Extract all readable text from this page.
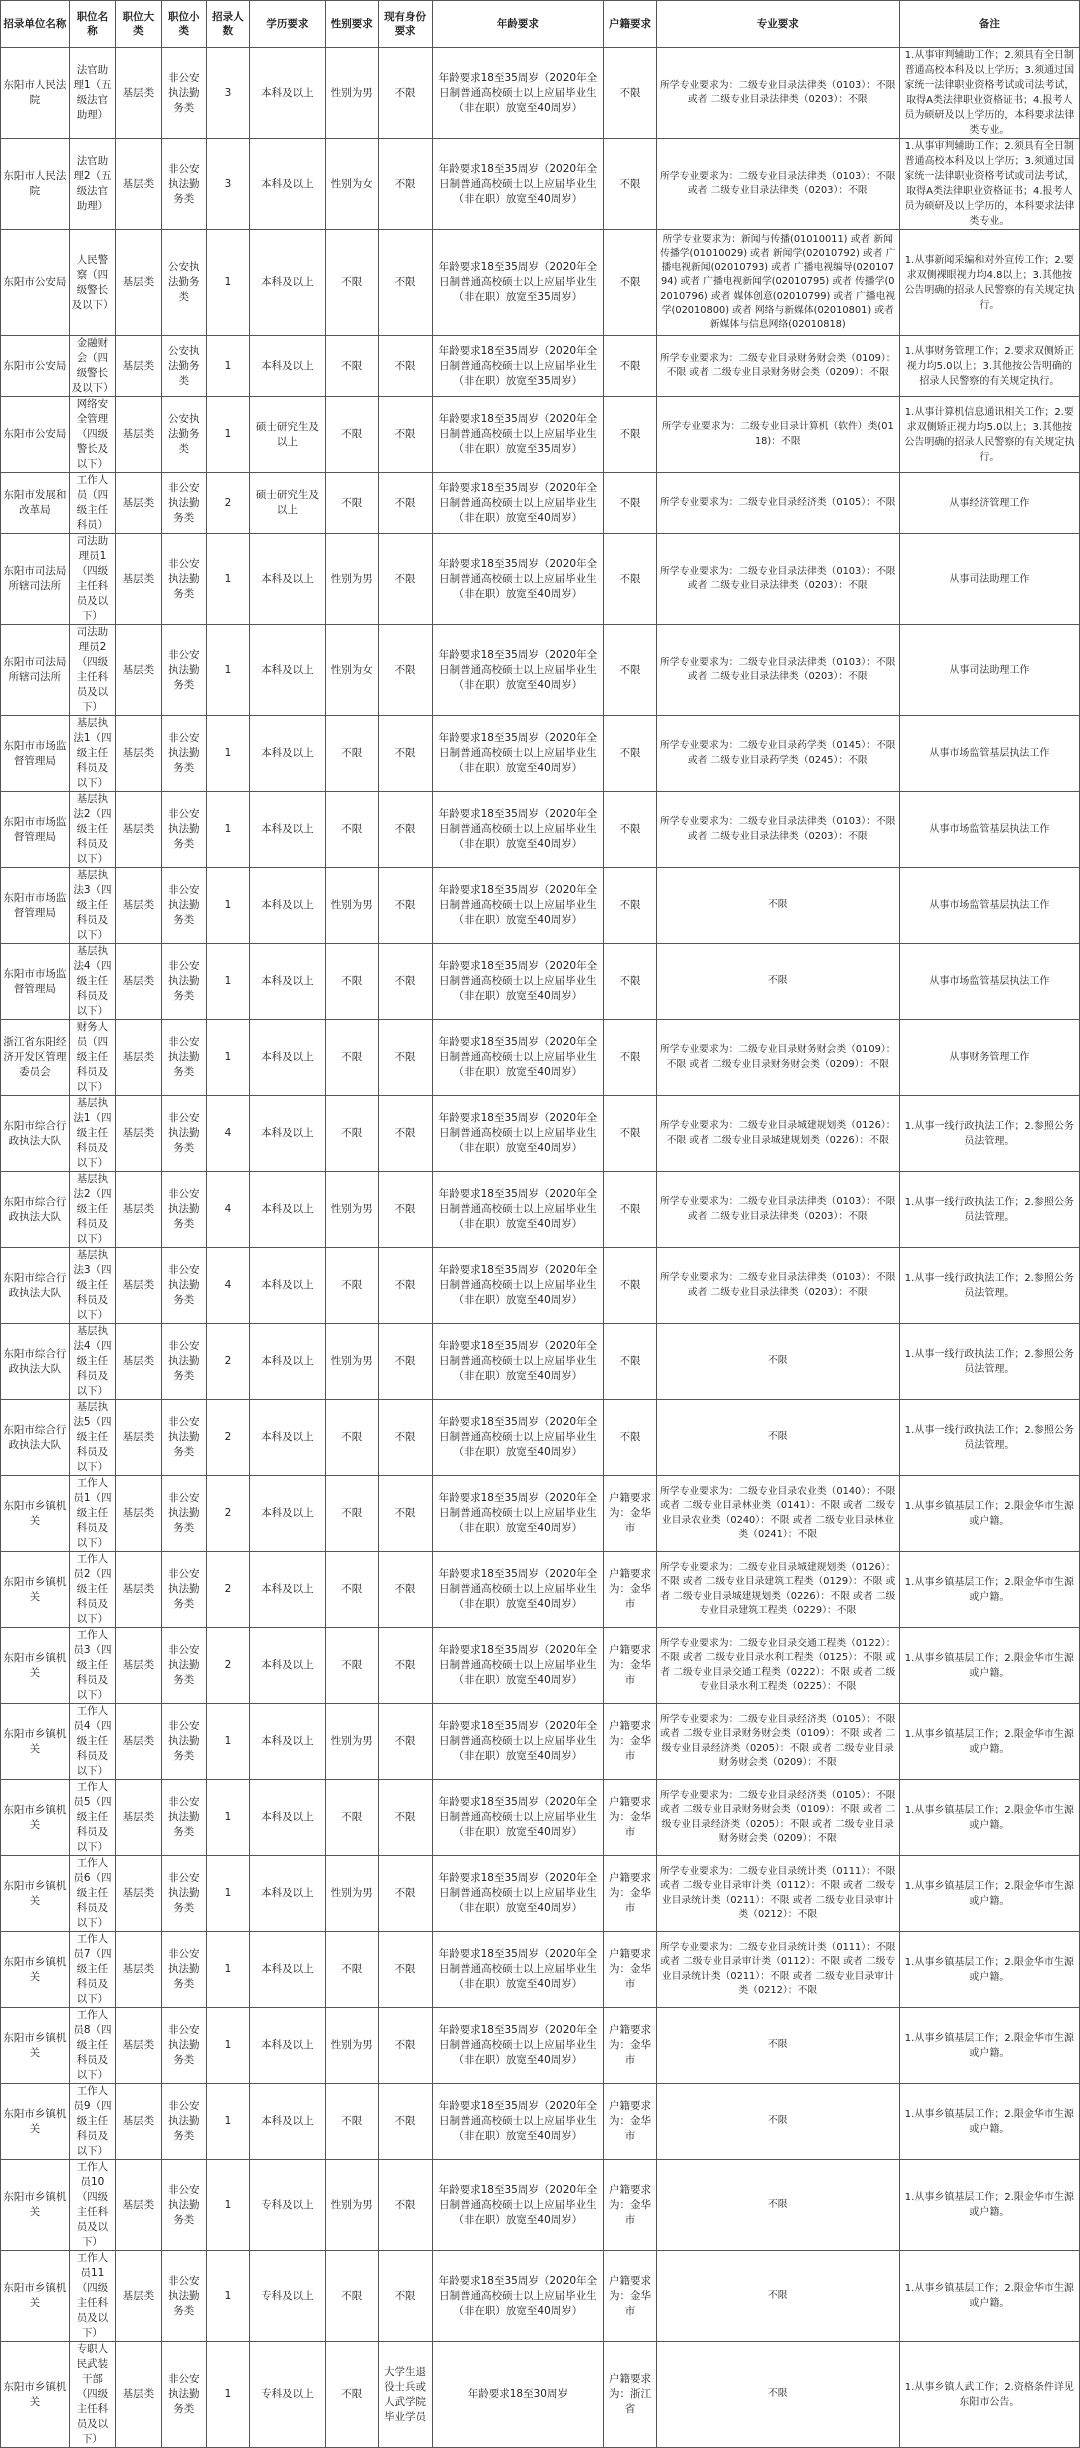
招录单位名称	职位名称	职位大类	职位小类	招录人数	学历要求	性别要求	现有身份要求	年龄要求	户籍要求	专业要求	备注
东阳市人民法院	法官助理1（五级法官助理）	基层类	非公安执法勤务类	3	本科及以上	性别为男	不限	年龄要求18至35周岁（2020年全日制普通高校硕士以上应届毕业生（非在职）放宽至40周岁）	不限	所学专业要求为：二级专业目录法律类（0103）：不限 或者 二级专业目录法律类（0203）：不限	1.从事审判辅助工作；2.须具有全日制普通高校本科及以上学历；3.须通过国家统一法律职业资格考试或司法考试，取得A类法律职业资格证书；4.报考人员为硕研及以上学历的，本科要求法律类专业。
东阳市人民法院	法官助理2（五级法官助理）	基层类	非公安执法勤务类	3	本科及以上	性别为女	不限	年龄要求18至35周岁（2020年全日制普通高校硕士以上应届毕业生（非在职）放宽至40周岁）	不限	所学专业要求为：二级专业目录法律类（0103）：不限 或者 二级专业目录法律类（0203）：不限	1.从事审判辅助工作；2.须具有全日制普通高校本科及以上学历；3.须通过国家统一法律职业资格考试或司法考试，取得A类法律职业资格证书；4.报考人员为硕研及以上学历的，本科要求法律类专业。
东阳市公安局	人民警察（四级警长及以下）	基层类	公安执法勤务类	1	本科及以上	不限	不限	年龄要求18至35周岁（2020年全日制普通高校硕士以上应届毕业生（非在职）放宽至35周岁）	不限	所学专业要求为：新闻与传播(01010011) 或者 新闻传播学(01010029) 或者 新闻学(02010792) 或者 广播电视新闻(02010793) 或者 广播电视编导(02010794) 或者 广播电视新闻学(02010795) 或者 传播学(02010796) 或者 媒体创意(02010799) 或者 广播电视学(02010800) 或者 网络与新媒体(02010801) 或者 新媒体与信息网络(02010818)	1.从事新闻采编和对外宣传工作；2.要求双侧裸眼视力均4.8以上；3.其他按公告明确的招录人民警察的有关规定执行。
东阳市公安局	金融财会（四级警长及以下）	基层类	公安执法勤务类	1	本科及以上	不限	不限	年龄要求18至35周岁（2020年全日制普通高校硕士以上应届毕业生（非在职）放宽至35周岁）	不限	所学专业要求为：二级专业目录财务财会类（0109）：不限 或者 二级专业目录财务财会类（0209）：不限	1.从事财务管理工作；2.要求双侧矫正视力均5.0以上；3.其他按公告明确的招录人民警察的有关规定执行。
东阳市公安局	网络安全管理（四级警长及以下）	基层类	公安执法勤务类	1	硕士研究生及以上	不限	不限	年龄要求18至35周岁（2020年全日制普通高校硕士以上应届毕业生（非在职）放宽至35周岁）	不限	所学专业要求为：二级专业目录计算机（软件）类(0118)：不限	1.从事计算机信息通讯相关工作；2.要求双侧矫正视力均5.0以上；3.其他按公告明确的招录人民警察的有关规定执行。
东阳市发展和改革局	工作人员（四级主任科员）	基层类	非公安执法勤务类	2	硕士研究生及以上	不限	不限	年龄要求18至35周岁（2020年全日制普通高校硕士以上应届毕业生（非在职）放宽至40周岁）	不限	所学专业要求为：二级专业目录经济类（0105）：不限	从事经济管理工作
东阳市司法局所辖司法所	司法助理员1（四级主任科员及以下）	基层类	非公安执法勤务类	1	本科及以上	性别为男	不限	年龄要求18至35周岁（2020年全日制普通高校硕士以上应届毕业生（非在职）放宽至40周岁）	不限	所学专业要求为：二级专业目录法律类（0103）：不限 或者 二级专业目录法律类（0203）：不限	从事司法助理工作
东阳市司法局所辖司法所	司法助理员2（四级主任科员及以下）	基层类	非公安执法勤务类	1	本科及以上	性别为女	不限	年龄要求18至35周岁（2020年全日制普通高校硕士以上应届毕业生（非在职）放宽至40周岁）	不限	所学专业要求为：二级专业目录法律类（0103）：不限 或者 二级专业目录法律类（0203）：不限	从事司法助理工作
东阳市市场监督管理局	基层执法1（四级主任科员及以下）	基层类	非公安执法勤务类	1	本科及以上	不限	不限	年龄要求18至35周岁（2020年全日制普通高校硕士以上应届毕业生（非在职）放宽至40周岁）	不限	所学专业要求为：二级专业目录药学类（0145）：不限 或者 二级专业目录药学类（0245）：不限	从事市场监管基层执法工作
东阳市市场监督管理局	基层执法2（四级主任科员及以下）	基层类	非公安执法勤务类	1	本科及以上	不限	不限	年龄要求18至35周岁（2020年全日制普通高校硕士以上应届毕业生（非在职）放宽至40周岁）	不限	所学专业要求为：二级专业目录法律类（0103）：不限 或者 二级专业目录法律类（0203）：不限	从事市场监管基层执法工作
东阳市市场监督管理局	基层执法3（四级主任科员及以下）	基层类	非公安执法勤务类	1	本科及以上	性别为男	不限	年龄要求18至35周岁（2020年全日制普通高校硕士以上应届毕业生（非在职）放宽至40周岁）	不限	不限	从事市场监管基层执法工作
东阳市市场监督管理局	基层执法4（四级主任科员及以下）	基层类	非公安执法勤务类	1	本科及以上	不限	不限	年龄要求18至35周岁（2020年全日制普通高校硕士以上应届毕业生（非在职）放宽至40周岁）	不限	不限	从事市场监管基层执法工作
浙江省东阳经济开发区管理委员会	财务人员（四级主任科员及以下）	基层类	非公安执法勤务类	1	本科及以上	不限	不限	年龄要求18至35周岁（2020年全日制普通高校硕士以上应届毕业生（非在职）放宽至40周岁）	不限	所学专业要求为：二级专业目录财务财会类（0109）：不限 或者 二级专业目录财务财会类（0209）：不限	从事财务管理工作
东阳市综合行政执法大队	基层执法1（四级主任科员及以下）	基层类	非公安执法勤务类	4	本科及以上	不限	不限	年龄要求18至35周岁（2020年全日制普通高校硕士以上应届毕业生（非在职）放宽至40周岁）	不限	所学专业要求为：二级专业目录城建规划类（0126）：不限 或者 二级专业目录城建规划类（0226）：不限	1.从事一线行政执法工作；2.参照公务员法管理。
东阳市综合行政执法大队	基层执法2（四级主任科员及以下）	基层类	非公安执法勤务类	4	本科及以上	性别为男	不限	年龄要求18至35周岁（2020年全日制普通高校硕士以上应届毕业生（非在职）放宽至40周岁）	不限	所学专业要求为：二级专业目录法律类（0103）：不限 或者 二级专业目录法律类（0203）：不限	1.从事一线行政执法工作；2.参照公务员法管理。
东阳市综合行政执法大队	基层执法3（四级主任科员及以下）	基层类	非公安执法勤务类	4	本科及以上	不限	不限	年龄要求18至35周岁（2020年全日制普通高校硕士以上应届毕业生（非在职）放宽至40周岁）	不限	所学专业要求为：二级专业目录法律类（0103）：不限 或者 二级专业目录法律类（0203）：不限	1.从事一线行政执法工作；2.参照公务员法管理。
东阳市综合行政执法大队	基层执法4（四级主任科员及以下）	基层类	非公安执法勤务类	2	本科及以上	性别为男	不限	年龄要求18至35周岁（2020年全日制普通高校硕士以上应届毕业生（非在职）放宽至40周岁）	不限	不限	1.从事一线行政执法工作；2.参照公务员法管理。
东阳市综合行政执法大队	基层执法5（四级主任科员及以下）	基层类	非公安执法勤务类	2	本科及以上	不限	不限	年龄要求18至35周岁（2020年全日制普通高校硕士以上应届毕业生（非在职）放宽至40周岁）	不限	不限	1.从事一线行政执法工作；2.参照公务员法管理。
东阳市乡镇机关	工作人员1（四级主任科员及以下）	基层类	非公安执法勤务类	2	本科及以上	不限	不限	年龄要求18至35周岁（2020年全日制普通高校硕士以上应届毕业生（非在职）放宽至40周岁）	户籍要求为：金华市	所学专业要求为：二级专业目录农业类（0140）：不限 或者 二级专业目录林业类（0141）：不限 或者 二级专业目录农业类（0240）：不限 或者 二级专业目录林业类（0241）：不限	1.从事乡镇基层工作；2.限金华市生源或户籍。
东阳市乡镇机关	工作人员2（四级主任科员及以下）	基层类	非公安执法勤务类	2	本科及以上	不限	不限	年龄要求18至35周岁（2020年全日制普通高校硕士以上应届毕业生（非在职）放宽至40周岁）	户籍要求为：金华市	所学专业要求为：二级专业目录城建规划类（0126）：不限 或者 二级专业目录建筑工程类（0129）：不限 或者 二级专业目录城建规划类（0226）：不限 或者 二级专业目录建筑工程类（0229）：不限	1.从事乡镇基层工作；2.限金华市生源或户籍。
东阳市乡镇机关	工作人员3（四级主任科员及以下）	基层类	非公安执法勤务类	2	本科及以上	不限	不限	年龄要求18至35周岁（2020年全日制普通高校硕士以上应届毕业生（非在职）放宽至40周岁）	户籍要求为：金华市	所学专业要求为：二级专业目录交通工程类（0122）：不限 或者 二级专业目录水利工程类（0125）：不限 或者 二级专业目录交通工程类（0222）：不限 或者 二级专业目录水利工程类（0225）：不限	1.从事乡镇基层工作；2.限金华市生源或户籍。
东阳市乡镇机关	工作人员4（四级主任科员及以下）	基层类	非公安执法勤务类	1	本科及以上	性别为男	不限	年龄要求18至35周岁（2020年全日制普通高校硕士以上应届毕业生（非在职）放宽至40周岁）	户籍要求为：金华市	所学专业要求为：二级专业目录经济类（0105）：不限 或者 二级专业目录财务财会类（0109）：不限 或者 二级专业目录经济类（0205）：不限 或者 二级专业目录财务财会类（0209）：不限	1.从事乡镇基层工作；2.限金华市生源或户籍。
东阳市乡镇机关	工作人员5（四级主任科员及以下）	基层类	非公安执法勤务类	1	本科及以上	不限	不限	年龄要求18至35周岁（2020年全日制普通高校硕士以上应届毕业生（非在职）放宽至40周岁）	户籍要求为：金华市	所学专业要求为：二级专业目录经济类（0105）：不限 或者 二级专业目录财务财会类（0109）：不限 或者 二级专业目录经济类（0205）：不限 或者 二级专业目录财务财会类（0209）：不限	1.从事乡镇基层工作；2.限金华市生源或户籍。
东阳市乡镇机关	工作人员6（四级主任科员及以下）	基层类	非公安执法勤务类	1	本科及以上	性别为男	不限	年龄要求18至35周岁（2020年全日制普通高校硕士以上应届毕业生（非在职）放宽至40周岁）	户籍要求为：金华市	所学专业要求为：二级专业目录统计类（0111）：不限 或者 二级专业目录审计类（0112）：不限 或者 二级专业目录统计类（0211）：不限 或者 二级专业目录审计类（0212）：不限	1.从事乡镇基层工作；2.限金华市生源或户籍。
东阳市乡镇机关	工作人员7（四级主任科员及以下）	基层类	非公安执法勤务类	1	本科及以上	不限	不限	年龄要求18至35周岁（2020年全日制普通高校硕士以上应届毕业生（非在职）放宽至40周岁）	户籍要求为：金华市	所学专业要求为：二级专业目录统计类（0111）：不限 或者 二级专业目录审计类（0112）：不限 或者 二级专业目录统计类（0211）：不限 或者 二级专业目录审计类（0212）：不限	1.从事乡镇基层工作；2.限金华市生源或户籍。
东阳市乡镇机关	工作人员8（四级主任科员及以下）	基层类	非公安执法勤务类	1	本科及以上	性别为男	不限	年龄要求18至35周岁（2020年全日制普通高校硕士以上应届毕业生（非在职）放宽至40周岁）	户籍要求为：金华市	不限	1.从事乡镇基层工作；2.限金华市生源或户籍。
东阳市乡镇机关	工作人员9（四级主任科员及以下）	基层类	非公安执法勤务类	1	本科及以上	不限	不限	年龄要求18至35周岁（2020年全日制普通高校硕士以上应届毕业生（非在职）放宽至40周岁）	户籍要求为：金华市	不限	1.从事乡镇基层工作；2.限金华市生源或户籍。
东阳市乡镇机关	工作人员10（四级主任科员及以下）	基层类	非公安执法勤务类	1	专科及以上	性别为男	不限	年龄要求18至35周岁（2020年全日制普通高校硕士以上应届毕业生（非在职）放宽至40周岁）	户籍要求为：金华市	不限	1.从事乡镇基层工作；2.限金华市生源或户籍。
东阳市乡镇机关	工作人员11（四级主任科员及以下）	基层类	非公安执法勤务类	1	专科及以上	不限	不限	年龄要求18至35周岁（2020年全日制普通高校硕士以上应届毕业生（非在职）放宽至40周岁）	户籍要求为：金华市	不限	1.从事乡镇基层工作；2.限金华市生源或户籍。
东阳市乡镇机关	专职人民武装干部（四级主任科员及以下）	基层类	非公安执法勤务类	1	专科及以上	不限	大学生退役士兵或人武学院毕业学员	年龄要求18至30周岁	户籍要求为：浙江省	不限	1.从事乡镇人武工作；2.资格条件详见东阳市公告。
